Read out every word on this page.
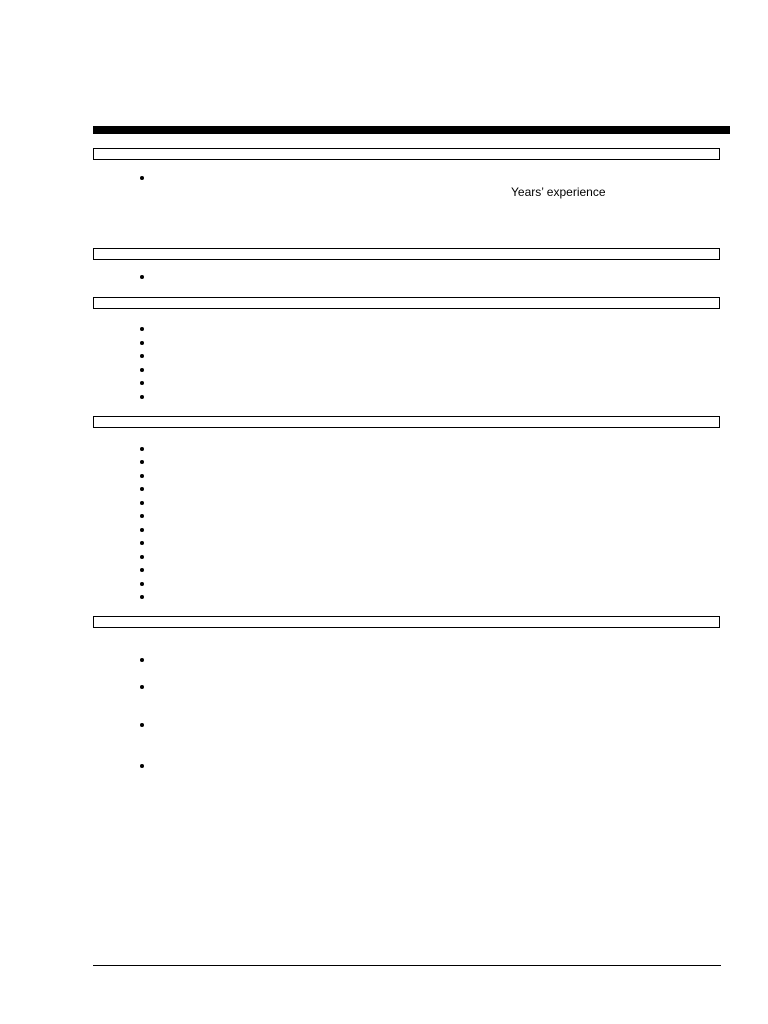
Years’ experience
